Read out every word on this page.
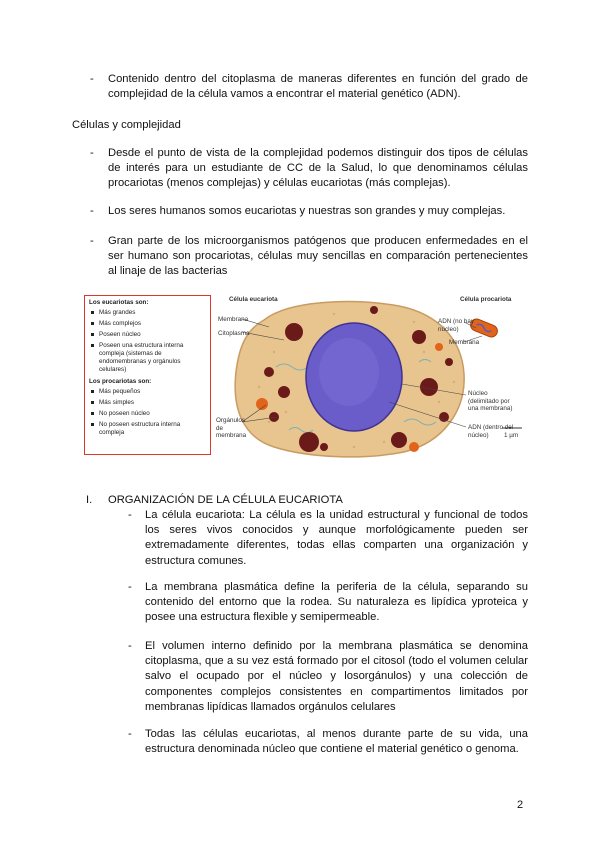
-	Contenido dentro del citoplasma de maneras diferentes en función del grado de complejidad de la célula vamos a encontrar el material genético (ADN).
Células y complejidad
-	Desde el punto de vista de la complejidad podemos distinguir dos tipos de células de interés para un estudiante de CC de la Salud, lo que denominamos células procariotas (menos complejas) y células eucariotas (más complejas).
-	Los seres humanos somos eucariotas y nuestras son grandes y muy complejas.
-	Gran parte de los microorganismos patógenos que producen enfermedades en el ser humano son procariotas, células muy sencillas en comparación pertenecientes al linaje de las bacterias
Los eucariotas son:
Más grandes
Más complejos
Poseen núcleo
Poseen una estructura interna compleja (sistemas de endomembranas y orgánulos celulares)
Los procariotas son:
Más pequeños
Más simples
No poseen núcleo
No poseen estructura interna compleja
Célula eucariota	Célula procariota
Membrana
Citoplasma
Orgánulos de membrana
ADN (no hay núcleo)
Membrana
Núcleo (delimitado por una membrana)
ADN (dentro del núcleo)	1 µm
I. ORGANIZACIÓN DE LA CÉLULA EUCARIOTA
-	La célula eucariota: La célula es la unidad estructural y funcional de todos los seres vivos conocidos y aunque morfológicamente pueden ser extremadamente diferentes, todas ellas comparten una organización y estructura comunes.
-	La membrana plasmática define la periferia de la célula, separando su contenido del entorno que la rodea. Su naturaleza es lipídica yproteica y posee una estructura flexible y semipermeable.
-	El volumen interno definido por la membrana plasmática se denomina citoplasma, que a su vez está formado por el citosol (todo el volumen celular salvo el ocupado por el núcleo y losorgánulos) y una colección de componentes complejos consistentes en compartimentos limitados por membranas lipídicas llamados orgánulos celulares
-	Todas las células eucariotas, al menos durante parte de su vida, una estructura denominada núcleo que contiene el material genético o genoma.
2
